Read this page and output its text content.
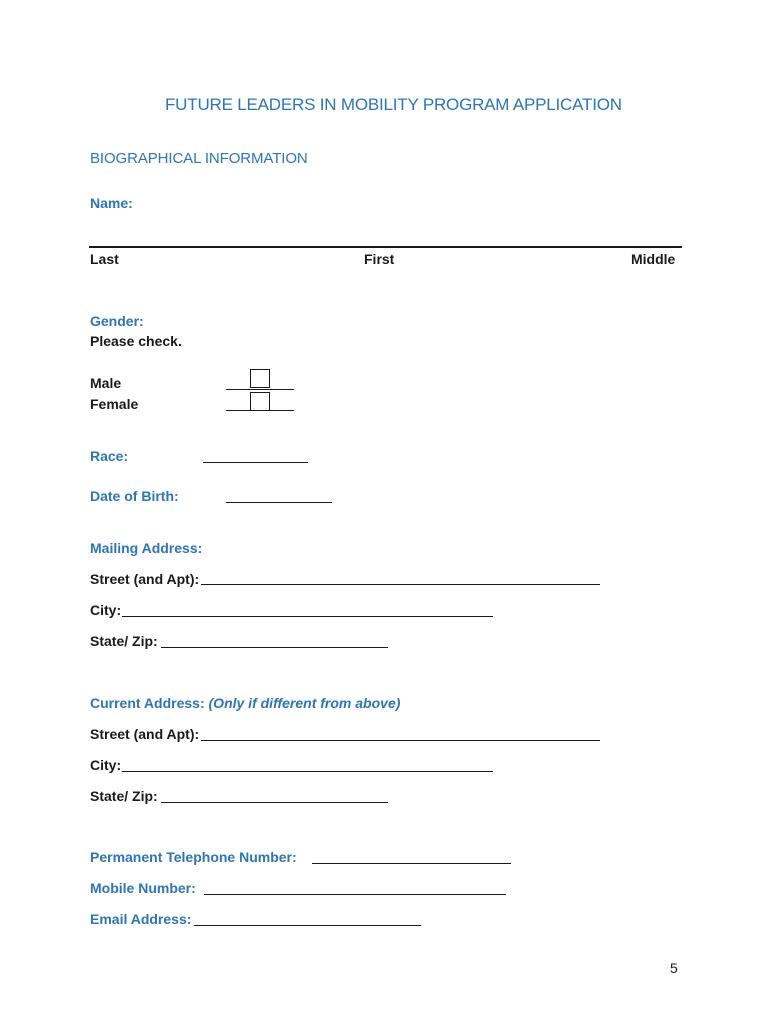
FUTURE LEADERS IN MOBILITY PROGRAM APPLICATION
BIOGRAPHICAL INFORMATION
Name:
Last	First	Middle
Gender:
Please check.
Male
Female
Race:
Date of Birth:
Mailing Address:
Street (and Apt):
City:
State/ Zip:
Current Address: (Only if different from above)
Street (and Apt):
City:
State/ Zip:
Permanent Telephone Number:
Mobile Number:
Email Address:
5
